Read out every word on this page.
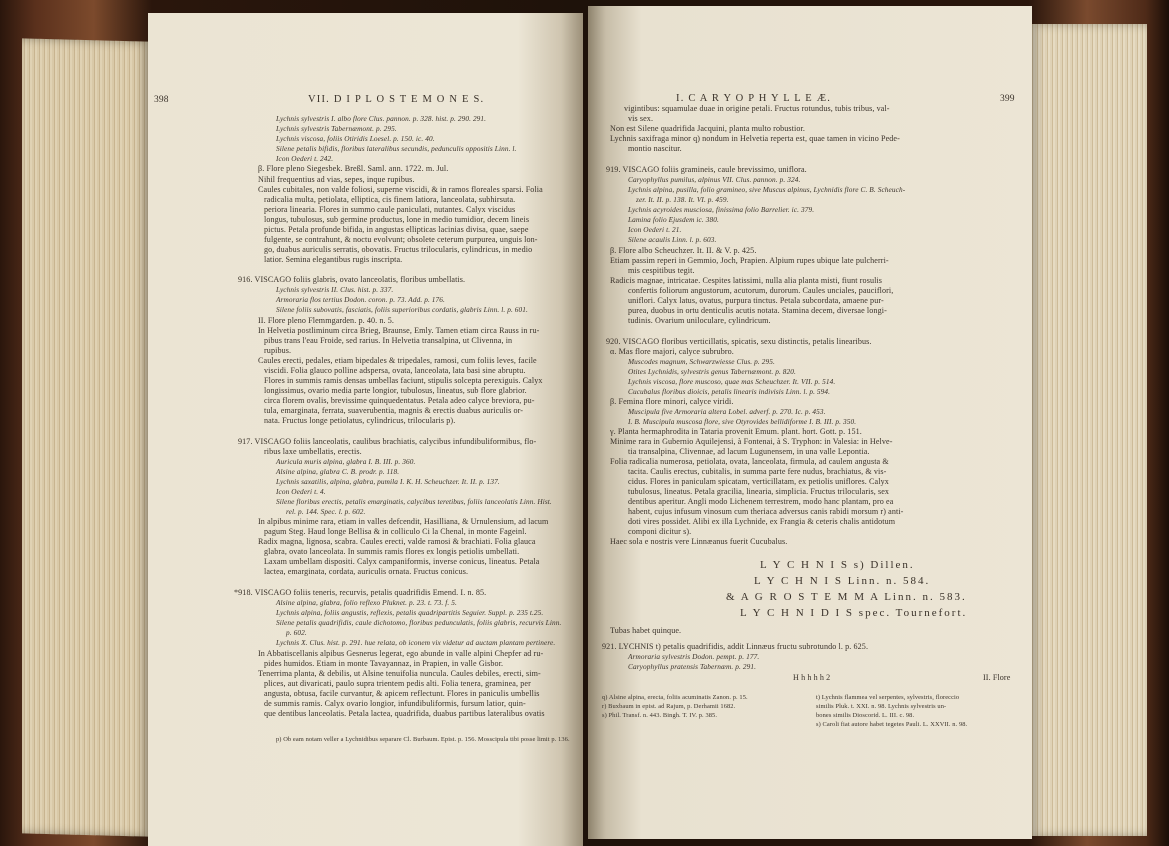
398	VII. D I P L O S T E M O N E S.
Lychnis sylvestris I. albo flore Clus. pannon. p. 328. hist. p. 290. 291.
Lychnis sylvestris Tabernæmont. p. 295.
Lychnis viscosa, foliis Otiridis Loesel. p. 150. ic. 40.
Silene petalis bifidis, floribus lateralibus secundis, pedunculis oppositis Linn. l.
Icon Oederi t. 242.
β. Flore pleno Siegesbek. Breßl. Saml. ann. 1722. m. Jul.
Nihil frequentius ad vias, sepes, inque rupibus.
Caules cubitales, non valde foliosi, superne viscidi, & in ramos floreales sparsi. Folia
radicalia multa, petiolata, elliptica, cis finem latiora, lanceolata, subhirsuta.
periora linearia. Flores in summo caule paniculati, nutantes. Calyx viscidus
longus, tubulosus, sub germine productus, lone in medio tumidior, decem lineis
pictus. Petala profunde bifida, in angustas ellipticas lacinias divisa, quae, saepe
fulgente, se contrahunt, & noctu evolvunt; obsolete ceterum purpurea, unguis lon-
go, duabus auriculis serratis, obovatis. Fructus trilocularis, cylindricus, in medio
latior. Semina elegantibus rugis inscripta.
916. VISCAGO foliis glabris, ovato lanceolatis, floribus umbellatis.
Lychnis sylvestris II. Clus. hist. p. 337.
Armoraria flos tertius Dodon. coron. p. 73. Add. p. 176.
Silene foliis subovatis, fasciatis, foliis superioribus cordatis, glabris Linn. l. p. 601.
II. Flore pleno Flemmgarden. p. 40. n. 5.
In Helvetia postliminum circa Brieg, Braunse, Emly. Tamen etiam circa Rauss in ru-
pibus trans l'eau Froide, sed rarius. In Helvetia transalpina, ut Clivenna, in
rupibus.
Caules erecti, pedales, etiam bipedales & tripedales, ramosi, cum foliis leves, facile
viscidi. Folia glauco polline adspersa, ovata, lanceolata, lata basi sine abruptu.
Flores in summis ramis densas umbellas faciunt, stipulis solcepta perexiguis. Calyx
longissimus, ovario media parte longior, tubulosus, lineatus, sub flore glabrior.
circa florem ovalis, brevissime quinquedentatus. Petala adeo calyce breviora, pu-
tula, emarginata, ferrata, suaverubentia, magnis & erectis duabus auriculis or-
nata. Fructus longe petiolatus, cylindricus, trilocularis p).
917. VISCAGO foliis lanceolatis, caulibus brachiatis, calycibus infundibuliformibus, flo-
ribus laxe umbellatis, erectis.
Auricula muris alpina, glabra I. B. III. p. 360.
Alsine alpina, glabra C. B. prodr. p. 118.
Lychnis saxatilis, alpina, glabra, pumila I. K. H. Scheuchzer. It. II. p. 137.
Icon Oederi t. 4.
Silene floribus erectis, petalis emarginatis, calycibus teretibus, foliis lanceolatis Linn. Hist.
rel. p. 144. Spec. l. p. 602.
In alpibus minime rara, etiam in valles defcendit, Hasilliana, & Urnulensium, ad lacum
pagum Steg. Haud longe Bellisa & in colliculo Ci la Chenal, in monte Fageinl.
Radix magna, lignosa, scabra. Caules erecti, valde ramosi & brachiati. Folia glauca
glabra, ovato lanceolata. In summis ramis flores ex longis petiolis umbellati.
Laxam umbellam dispositi. Calyx campaniformis, inverse conicus, lineatus. Petala
lactea, emarginata, cordata, auriculis ornata. Fructus conicus.
*918. VISCAGO foliis teneris, recurvis, petalis quadrifidis Emend. I. n. 85.
Alsine alpina, glabra, folio reflexo Pluknet. p. 23. t. 73. f. 5.
Lychnis alpina, foliis angustis, reflexis, petalis quadripartitis Seguier. Suppl. p. 235 t.25.
Silene petalis quadrifidis, caule dichotomo, floribus pedunculatis, foliis glabris, recurvis Linn.
p. 602.
Lychnis X. Clus. hist. p. 291. hue relata, ob iconem vix videtur ad auctam plantam pertinere.
In Abbatiscellanis alpibus Gesnerus legerat, ego abunde in valle alpini Chepfer ad ru-
pides humidos. Etiam in monte Tavayannaz, in Prapien, in valle Gisbor.
Tenerrima planta, & debilis, ut Alsine tenuifolia nuncula. Caules debiles, erecti, sim-
plices, aut divaricati, paulo supra trientem pedis alti. Folia tenera, graminea, per
angusta, obtusa, facile curvantur, & apicem reflectunt. Flores in paniculis umbellis
de summis ramis. Calyx ovario longior, infundibuliformis, fursum latior, quin-
que dentibus lanceolatis. Petala lactea, quadrifida, duabus partibus lateralibus ovatis
p) Ob eam notam veller a Lychnidibus separare Cl. Burbaum. Epist. p. 156. Mosscipula tibi posse limit p. 136.
I. C A R Y O P H Y L L E Æ.	399
vigintibus: squamulae duae in origine petali. Fructus rotundus, tubis tribus, val-
vis sex.
Non est Silene quadrifida Jacquini, planta multo robustior.
Lychnis saxifraga minor q) nondum in Helvetia reperta est, quae tamen in vicino Pede-
montio nascitur.
919. VISCAGO foliis gramineis, caule brevissimo, uniflora.
Caryophyllus pumilus, alpinus VII. Clus. pannon. p. 324.
Lychnis alpina, pusilla, folio gramineo, sive Muscus alpinus, Lychnidis flore C. B. Scheuch-
zer. It. II. p. 138. It. VI. p. 459.
Lychnis acyroides musciosa, finissima folio Barrelier. ic. 379.
Lamina folio Ejusdem ic. 380.
Icon Oederi t. 21.
Silene acaulis Linn. l. p. 603.
β. Flore albo Scheuchzer. It. II. & V. p. 425.
Etiam passim reperi in Gemmio, Joch, Prapien. Alpium rupes ubique late pulcherri-
mis cespitibus tegit.
Radicis magnae, intricatae. Cespites latissimi, nulla alia planta misti, fiunt rosulis
confertis foliorum angustorum, acutorum, durorum. Caules unciales, pauciflori,
uniflori. Calyx latus, ovatus, purpura tinctus. Petala subcordata, amaene pur-
purea, duobus in ortu denticulis acutis notata. Stamina decem, diversae longi-
tudinis. Ovarium uniloculare, cylindricum.
920. VISCAGO floribus verticillatis, spicatis, sexu distinctis, petalis linearibus.
α. Mas flore majori, calyce subrubro.
Muscodes magnum, Schwarzwiesse Clus. p. 295.
Otites Lychnidis, sylvestris genus Tabernæmont. p. 820.
Lychnis viscosa, flore muscoso, quae mas Scheuchzer. It. VII. p. 514.
Cucubalus floribus dioicis, petalis linearis indivisis Linn. l. p. 594.
β. Femina flore minori, calyce viridi.
Muscipula five Armoraria altera Lobel. adverf. p. 270. Ic. p. 453.
I. B. Muscipula muscosa flore, sive Otyrovides bellidiforme I. B. III. p. 350.
γ. Planta hermaphrodita in Tataria provenit Emum. plant. hort. Gott. p. 151.
Minime rara in Gubernio Aquilejensi, à Fontenai, à S. Tryphon: in Valesia: in Helve-
tia transalpina, Clivennae, ad lacum Lugunensem, in una valle Lepontia.
Folia radicalia numerosa, petiolata, ovata, lanceolata, firmula, ad caulem angusta &
tacita. Caulis erectus, cubitalis, in summa parte fere nudus, brachiatus, & vis-
cidus. Flores in paniculam spicatam, verticillatam, ex petiolis uniflores. Calyx
tubulosus, lineatus. Petala gracilia, linearia, simplicia. Fructus trilocularis, sex
dentibus aperitur. Angli modo Lichenem terrestrem, modo hanc plantam, pro ea
habent, cujus infusum vinosum cum theriaca adversus canis rabidi morsum r) anti-
doti vires possidet. Alibi ex illa Lychnide, ex Frangia & ceteris chalis antidotum
componi dicitur s).
Haec sola e nostris vere Linnæanus fuerit Cucubalus.
L Y C H N I S s) Dillen.
L Y C H N I S Linn. n. 584.
& A G R O S T E M M A Linn. n. 583.
L Y C H N I D I S spec. Tournefort.
Tubas habet quinque.
921. LYCHNIS t) petalis quadrifidis, addit Linnæus fructu subrotundo l. p. 625.
Armoraria sylvestris Dodon. pempt. p. 177.
Caryophyllus pratensis Tabernæm. p. 291.
H h h h h 2	II. Flore
q) Alsine alpina, erecta, foliis acuminatis Zanon. p. 15.
r) Buxbaum in epist. ad Rajum, p. Derhamii 1682.
s) Phil. Transf. n. 443. Bingh. T. IV. p. 385.
t) Lychnis flammea vel serpentes, sylvestris, floreccio
similis Pluk. t. XXI. n. 98. Lychnis sylvestris un-
bones similis Dioscorid. L. III. c. 98.
s) Caroli fiat autore habet tegetes Pauli. L. XXVII. n. 98.
